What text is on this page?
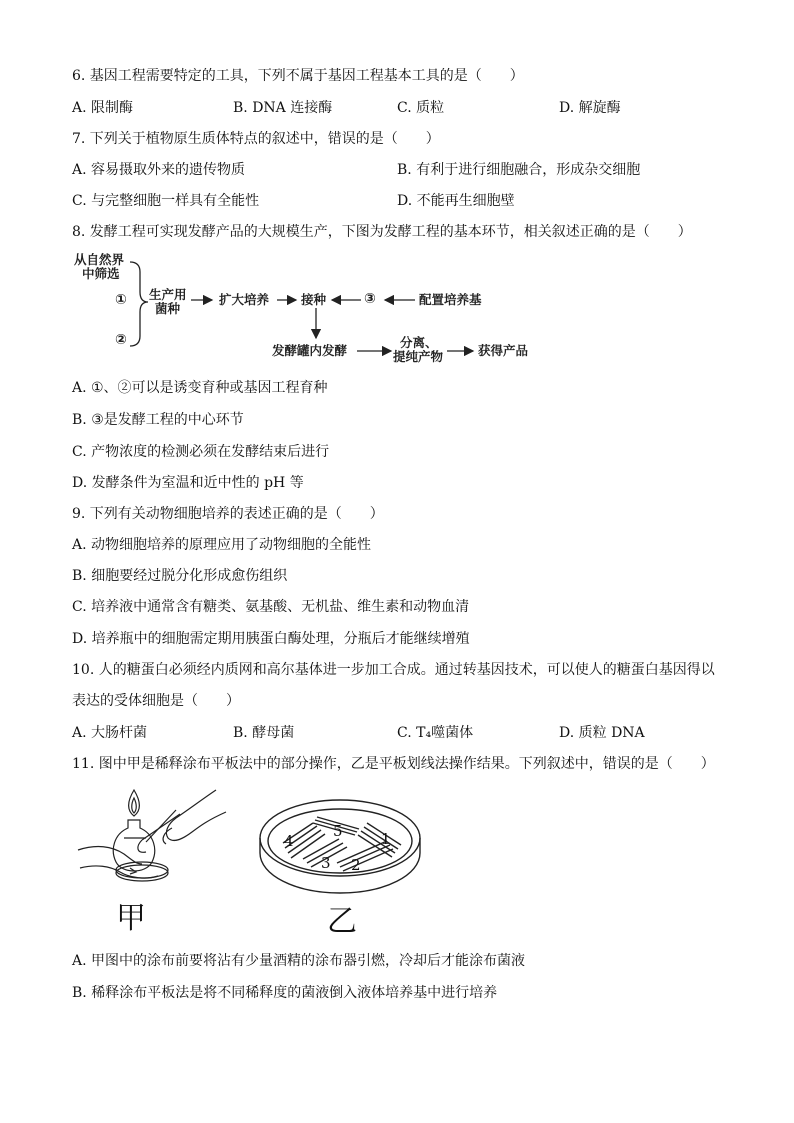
6. 基因工程需要特定的工具，下列不属于基因工程基本工具的是（　　）
A. 限制酶	B. DNA 连接酶	C. 质粒	D. 解旋酶
7. 下列关于植物原生质体特点的叙述中，错误的是（　　）
A. 容易摄取外来的遗传物质	B. 有利于进行细胞融合，形成杂交细胞
C. 与完整细胞一样具有全能性	D. 不能再生细胞壁
8. 发酵工程可实现发酵产品的大规模生产，下图为发酵工程的基本环节，相关叙述正确的是（　　）
从自然界
中筛选
①
②
生产用
菌种
扩大培养	接种	③	配置培养基
发酵罐内发酵
分离、
提纯产物	获得产品
A. ①、②可以是诱变育种或基因工程育种
B. ③是发酵工程的中心环节
C. 产物浓度的检测必须在发酵结束后进行
D. 发酵条件为室温和近中性的 pH 等
9. 下列有关动物细胞培养的表述正确的是（　　）
A. 动物细胞培养的原理应用了动物细胞的全能性
B. 细胞要经过脱分化形成愈伤组织
C. 培养液中通常含有糖类、氨基酸、无机盐、维生素和动物血清
D. 培养瓶中的细胞需定期用胰蛋白酶处理，分瓶后才能继续增殖
10. 人的糖蛋白必须经内质网和高尔基体进一步加工合成。通过转基因技术，可以使人的糖蛋白基因得以
表达的受体细胞是（　　）
A. 大肠杆菌	B. 酵母菌	C. T₄噬菌体	D. 质粒 DNA
11. 图中甲是稀释涂布平板法中的部分操作，乙是平板划线法操作结果。下列叙述中，错误的是（　　）
甲
1
2
3
4
5
乙
A. 甲图中的涂布前要将沾有少量酒精的涂布器引燃，冷却后才能涂布菌液
B. 稀释涂布平板法是将不同稀释度的菌液倒入液体培养基中进行培养
